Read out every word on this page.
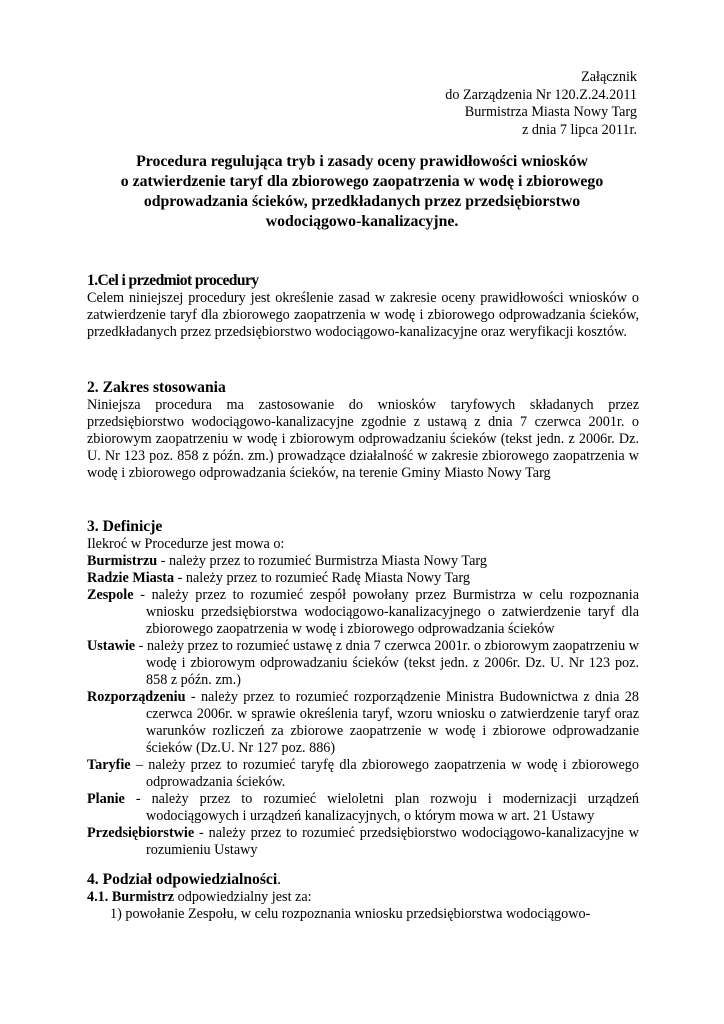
Załącznik
do Zarządzenia Nr 120.Z.24.2011
Burmistrza Miasta Nowy Targ
z dnia 7 lipca 2011r.
Procedura regulująca tryb i zasady oceny prawidłowości wniosków
o zatwierdzenie taryf dla zbiorowego zaopatrzenia w wodę i zbiorowego
odprowadzania ścieków, przedkładanych przez przedsiębiorstwo
wodociągowo-kanalizacyjne.
1.Cel i przedmiot procedury

Celem niniejszej procedury jest określenie zasad w zakresie oceny prawidłowości wniosków o zatwierdzenie taryf dla zbiorowego zaopatrzenia w wodę i zbiorowego odprowadzania ścieków, przedkładanych przez przedsiębiorstwo wodociągowo-kanalizacyjne oraz weryfikacji kosztów.

2. Zakres stosowania

Niniejsza procedura ma zastosowanie do wniosków taryfowych składanych przez przedsiębiorstwo wodociągowo-kanalizacyjne zgodnie z ustawą z dnia 7 czerwca 2001r. o zbiorowym zaopatrzeniu w wodę i zbiorowym odprowadzaniu ścieków (tekst jedn. z 2006r. Dz. U. Nr 123 poz. 858 z późn. zm.) prowadzące działalność w zakresie zbiorowego zaopatrzenia w wodę i zbiorowego odprowadzania ścieków, na terenie Gminy Miasto Nowy Targ

3. Definicje

Ilekroć w Procedurze jest mowa o:

Burmistrzu - należy przez to rozumieć Burmistrza Miasta Nowy Targ
Radzie Miasta - należy przez to rozumieć Radę Miasta Nowy Targ
Zespole - należy przez to rozumieć zespół powołany przez Burmistrza w celu rozpoznania wniosku przedsiębiorstwa wodociągowo-kanalizacyjnego o zatwierdzenie taryf dla zbiorowego zaopatrzenia w wodę i zbiorowego odprowadzania ścieków
Ustawie - należy przez to rozumieć ustawę z dnia 7 czerwca 2001r. o zbiorowym zaopatrzeniu w wodę i zbiorowym odprowadzaniu ścieków (tekst jedn. z 2006r. Dz. U. Nr 123 poz. 858 z późn. zm.)
Rozporządzeniu - należy przez to rozumieć rozporządzenie Ministra Budownictwa z dnia 28 czerwca 2006r. w sprawie określenia taryf, wzoru wniosku o zatwierdzenie taryf oraz warunków rozliczeń za zbiorowe zaopatrzenie w wodę i zbiorowe odprowadzanie ścieków (Dz.U. Nr 127 poz. 886)
Taryfie – należy przez to rozumieć taryfę dla zbiorowego zaopatrzenia w wodę i zbiorowego odprowadzania ścieków.
Planie - należy przez to rozumieć wieloletni plan rozwoju i modernizacji urządzeń wodociągowych i urządzeń kanalizacyjnych, o którym mowa w art. 21 Ustawy
Przedsiębiorstwie - należy przez to rozumieć przedsiębiorstwo wodociągowo-kanalizacyjne w rozumieniu Ustawy
4. Podział odpowiedzialności.

4.1. Burmistrz odpowiedzialny jest za:

1) powołanie Zespołu, w celu rozpoznania wniosku przedsiębiorstwa wodociągowo-
